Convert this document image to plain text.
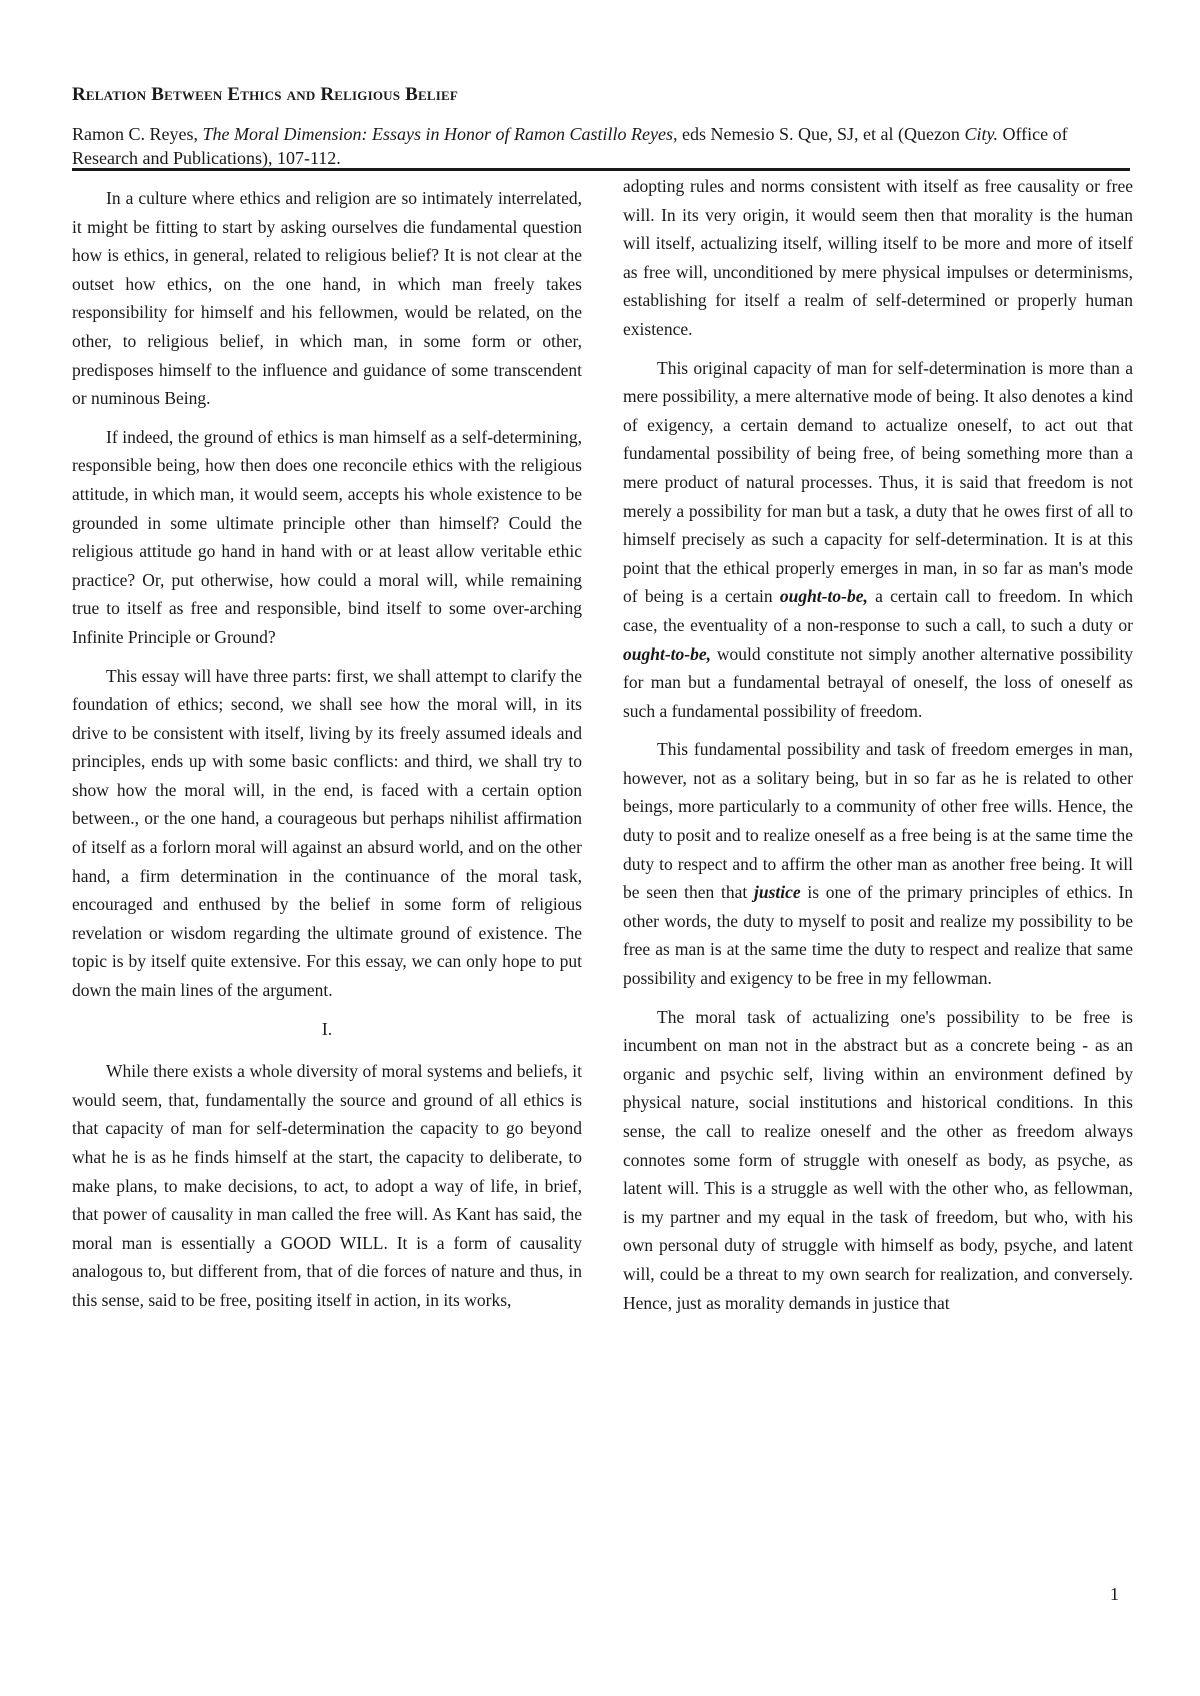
Relation Between Ethics and Religious Belief

Ramon C. Reyes, The Moral Dimension: Essays in Honor of Ramon Castillo Reyes, eds Nemesio S. Que, SJ, et al (Quezon City. Office of Research and Publications), 107-112.

In a culture where ethics and religion are so intimately interrelated, it might be fitting to start by asking ourselves die fundamental question how is ethics, in general, related to religious belief? It is not clear at the outset how ethics, on the one hand, in which man freely takes responsibility for himself and his fellowmen, would be related, on the other, to religious belief, in which man, in some form or other, predisposes himself to the influence and guidance of some transcendent or numinous Being.

If indeed, the ground of ethics is man himself as a self-determining, responsible being, how then does one reconcile ethics with the religious attitude, in which man, it would seem, accepts his whole existence to be grounded in some ultimate principle other than himself? Could the religious attitude go hand in hand with or at least allow veritable ethic practice? Or, put otherwise, how could a moral will, while remaining true to itself as free and responsible, bind itself to some over-arching Infinite Principle or Ground?

This essay will have three parts: first, we shall attempt to clarify the foundation of ethics; second, we shall see how the moral will, in its drive to be consistent with itself, living by its freely assumed ideals and principles, ends up with some basic conflicts: and third, we shall try to show how the moral will, in the end, is faced with a certain option between., or the one hand, a courageous but perhaps nihilist affirmation of itself as a forlorn moral will against an absurd world, and on the other hand, a firm determination in the continuance of the moral task, encouraged and enthused by the belief in some form of religious revelation or wisdom regarding the ultimate ground of existence. The topic is by itself quite extensive. For this essay, we can only hope to put down the main lines of the argument.

I.

While there exists a whole diversity of moral systems and beliefs, it would seem, that, fundamentally the source and ground of all ethics is that capacity of man for self-determination the capacity to go beyond what he is as he finds himself at the start, the capacity to deliberate, to make plans, to make decisions, to act, to adopt a way of life, in brief, that power of causality in man called the free will. As Kant has said, the moral man is essentially a GOOD WILL. It is a form of causality analogous to, but different from, that of die forces of nature and thus, in this sense, said to be free, positing itself in action, in its works,

adopting rules and norms consistent with itself as free causality or free will. In its very origin, it would seem then that morality is the human will itself, actualizing itself, willing itself to be more and more of itself as free will, unconditioned by mere physical impulses or determinisms, establishing for itself a realm of self-determined or properly human existence.

This original capacity of man for self-determination is more than a mere possibility, a mere alternative mode of being. It also denotes a kind of exigency, a certain demand to actualize oneself, to act out that fundamental possibility of being free, of being something more than a mere product of natural processes. Thus, it is said that freedom is not merely a possibility for man but a task, a duty that he owes first of all to himself precisely as such a capacity for self-determination. It is at this point that the ethical properly emerges in man, in so far as man's mode of being is a certain ought-to-be, a certain call to freedom. In which case, the eventuality of a non-response to such a call, to such a duty or ought-to-be, would constitute not simply another alternative possibility for man but a fundamental betrayal of oneself, the loss of oneself as such a fundamental possibility of freedom.

This fundamental possibility and task of freedom emerges in man, however, not as a solitary being, but in so far as he is related to other beings, more particularly to a community of other free wills. Hence, the duty to posit and to realize oneself as a free being is at the same time the duty to respect and to affirm the other man as another free being. It will be seen then that justice is one of the primary principles of ethics. In other words, the duty to myself to posit and realize my possibility to be free as man is at the same time the duty to respect and realize that same possibility and exigency to be free in my fellowman.

The moral task of actualizing one's possibility to be free is incumbent on man not in the abstract but as a concrete being - as an organic and psychic self, living within an environment defined by physical nature, social institutions and historical conditions. In this sense, the call to realize oneself and the other as freedom always connotes some form of struggle with oneself as body, as psyche, as latent will. This is a struggle as well with the other who, as fellowman, is my partner and my equal in the task of freedom, but who, with his own personal duty of struggle with himself as body, psyche, and latent will, could be a threat to my own search for realization, and conversely. Hence, just as morality demands in justice that

1
